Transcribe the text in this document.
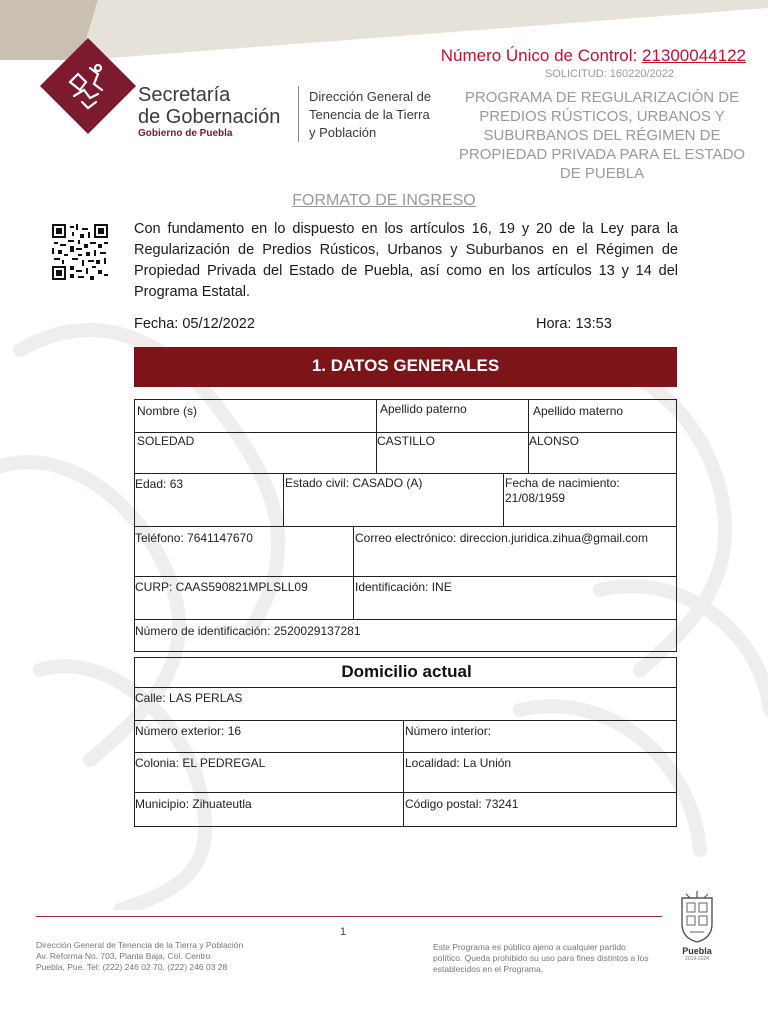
Secretaría
de Gobernación
Gobierno de Puebla
Dirección General de
Tenencia de la Tierra
y Población
Número Único de Control: 21300044122
SOLICITUD: 160220/2022
PROGRAMA DE REGULARIZACIÓN DE
PREDIOS RÚSTICOS, URBANOS Y
SUBURBANOS DEL RÉGIMEN DE
PROPIEDAD PRIVADA PARA EL ESTADO
DE PUEBLA
FORMATO DE INGRESO
Con fundamento en lo dispuesto en los artículos 16, 19 y 20 de la Ley para la Regularización de Predios Rústicos, Urbanos y Suburbanos en el Régimen de Propiedad Privada del Estado de Puebla, así como en los artículos 13 y 14 del Programa Estatal.
Fecha: 05/12/2022	Hora: 13:53
1. DATOS GENERALES
Nombre (s)	Apellido paterno	Apellido materno
SOLEDAD	CASTILLO	ALONSO
Edad: 63	Estado civil: CASADO (A)	Fecha de nacimiento:
21/08/1959
Teléfono: 7641147670	Correo electrónico: direccion.juridica.zihua@gmail.com
CURP: CAAS590821MPLSLL09	Identificación: INE
Número de identificación: 2520029137281
Domicilio actual
Calle: LAS PERLAS
Número exterior: 16	Número interior:
Colonia: EL PEDREGAL	Localidad: La Unión
Municipio: Zihuateutla	Código postal: 73241
1
Dirección General de Tenencia de la Tierra y Población
Av. Reforma No. 703, Planta Baja, Col. Centro
Puebla, Pue. Tel: (222) 246 02 70, (222) 246 03 28
Este Programa es público ajeno a cualquier partido
político. Queda prohibido su uso para fines distintos a los
establecidos en el Programa.
Puebla
2019-2024
